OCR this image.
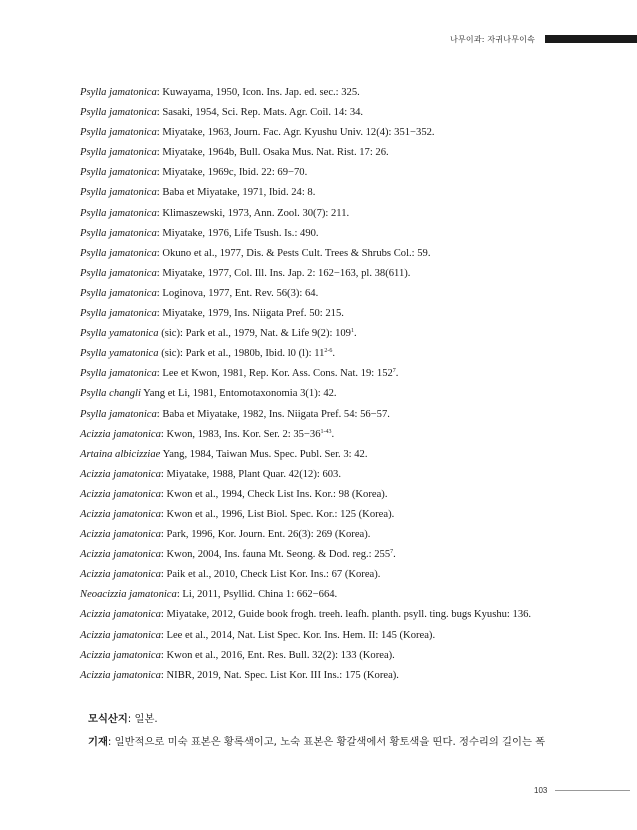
나무이과: 자귀나무이속
Psylla jamatonica: Kuwayama, 1950, Icon. Ins. Jap. ed. sec.: 325.
Psylla jamatonica: Sasaki, 1954, Sci. Rep. Mats. Agr. Coil. 14: 34.
Psylla jamatonica: Miyatake, 1963, Journ. Fac. Agr. Kyushu Univ. 12(4): 351−352.
Psylla jamatonica: Miyatake, 1964b, Bull. Osaka Mus. Nat. Rist. 17: 26.
Psylla jamatonica: Miyatake, 1969c, Ibid. 22: 69−70.
Psylla jamatonica: Baba et Miyatake, 1971, Ibid. 24: 8.
Psylla jamatonica: Klimaszewski, 1973, Ann. Zool. 30(7): 211.
Psylla jamatonica: Miyatake, 1976, Life Tsush. Is.: 490.
Psylla jamatonica: Okuno et al., 1977, Dis. & Pests Cult. Trees & Shrubs Col.: 59.
Psylla jamatonica: Miyatake, 1977, Col. Ill. Ins. Jap. 2: 162−163, pl. 38(611).
Psylla jamatonica: Loginova, 1977, Ent. Rev. 56(3): 64.
Psylla jamatonica: Miyatake, 1979, Ins. Niigata Pref. 50: 215.
Psylla yamatonica (sic): Park et al., 1979, Nat. & Life 9(2): $109^1$.
Psylla yamatonica (sic): Park et al., 1980b, Ibid. l0 (l): 11$^{2-6}$.
Psylla jamatonica: Lee et Kwon, 1981, Rep. Kor. Ass. Cons. Nat. 19: $152^7$.
Psylla changli Yang et Li, 1981, Entomotaxonomia 3(1): 42.
Psylla jamatonica: Baba et Miyatake, 1982, Ins. Niigata Pref. 54: 56−57.
Acizzia jamatonica: Kwon, 1983, Ins. Kor. Ser. 2: $35-36^{1-43}$.
Artaina albicizziae Yang, 1984, Taiwan Mus. Spec. Publ. Ser. 3: 42.
Acizzia jamatonica: Miyatake, 1988, Plant Quar. 42(12): 603.
Acizzia jamatonica: Kwon et al., 1994, Check List Ins. Kor.: 98 (Korea).
Acizzia jamatonica: Kwon et al., 1996, List Biol. Spec. Kor.: 125 (Korea).
Acizzia jamatonica: Park, 1996, Kor. Journ. Ent. 26(3): 269 (Korea).
Acizzia jamatonica: Kwon, 2004, Ins. fauna Mt. Seong. & Dod. reg.: $255^7$.
Acizzia jamatonica: Paik et al., 2010, Check List Kor. Ins.: 67 (Korea).
Neoacizzia jamatonica: Li, 2011, Psyllid. China 1: 662−664.
Acizzia jamatonica: Miyatake, 2012, Guide book frogh. treeh. leafh. planth. psyll. ting. bugs Kyushu: 136.
Acizzia jamatonica: Lee et al., 2014, Nat. List Spec. Kor. Ins. Hem. II: 145 (Korea).
Acizzia jamatonica: Kwon et al., 2016, Ent. Res. Bull. 32(2): 133 (Korea).
Acizzia jamatonica: NIBR, 2019, Nat. Spec. List Kor. III Ins.: 175 (Korea).
모식산지: 일본.
기재: 일반적으로 미숙 표본은 황록색이고, 노숙 표본은 황갈색에서 황토색을 띤다. 정수리의 길이는 폭
103
